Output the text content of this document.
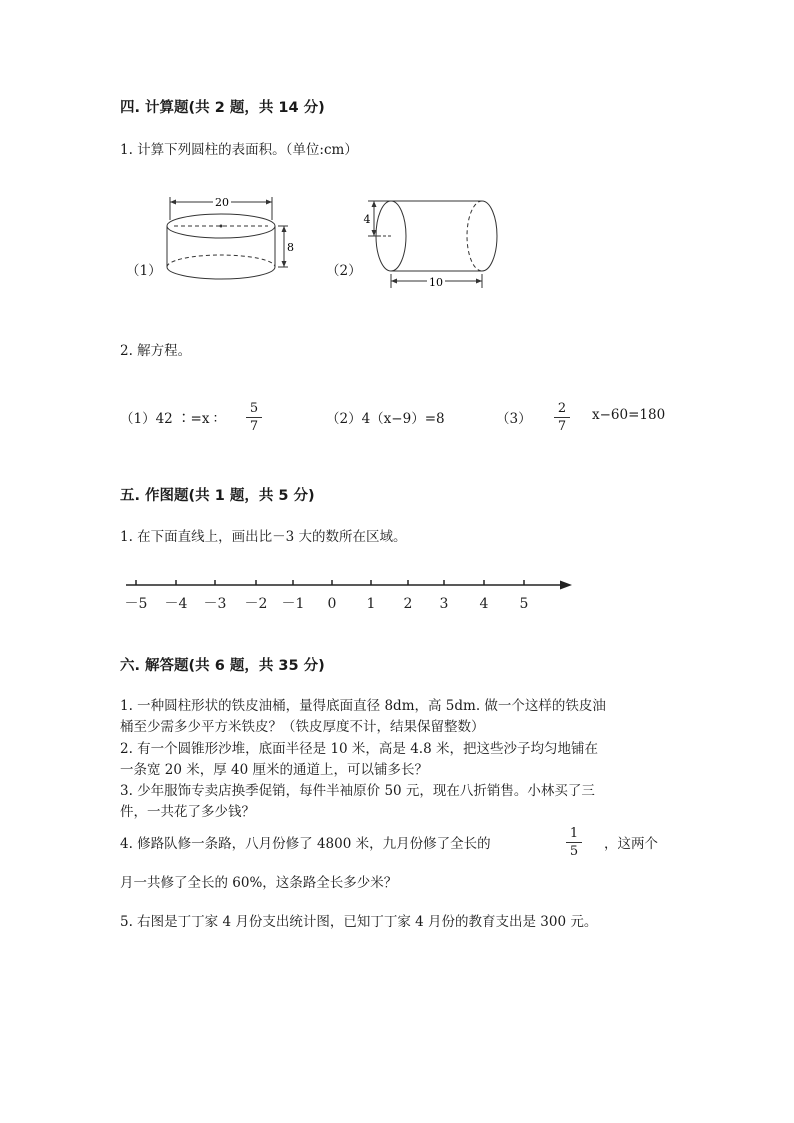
四. 计算题(共 2 题，共 14 分)
1. 计算下列圆柱的表面积。（单位:cm）
（1）
20
8
（2）
4
10
2. 解方程。
（1）42 ∶=x ∶
5
7	（2）4（x−9）=8	（3）
2
7
x−60=180
五. 作图题(共 1 题，共 5 分)
1. 在下面直线上，画出比－3 大的数所在区域。
－5 －4 －3 －2 －1 0 1 2 3 4 5
六. 解答题(共 6 题，共 35 分)
1. 一种圆柱形状的铁皮油桶，量得底面直径 8dm，高 5dm. 做一个这样的铁皮油
桶至少需多少平方米铁皮？（铁皮厚度不计，结果保留整数）
2. 有一个圆锥形沙堆，底面半径是 10 米，高是 4.8 米，把这些沙子均匀地铺在
一条宽 20 米，厚 40 厘米的通道上，可以铺多长？
3. 少年服饰专卖店换季促销，每件半袖原价 50 元，现在八折销售。小林买了三
件，一共花了多少钱？
4. 修路队修一条路，八月份修了 4800 米，九月份修了全长的
1
5 ，这两个
月一共修了全长的 60%，这条路全长多少米？
5. 右图是丁丁家 4 月份支出统计图，已知丁丁家 4 月份的教育支出是 300 元。
